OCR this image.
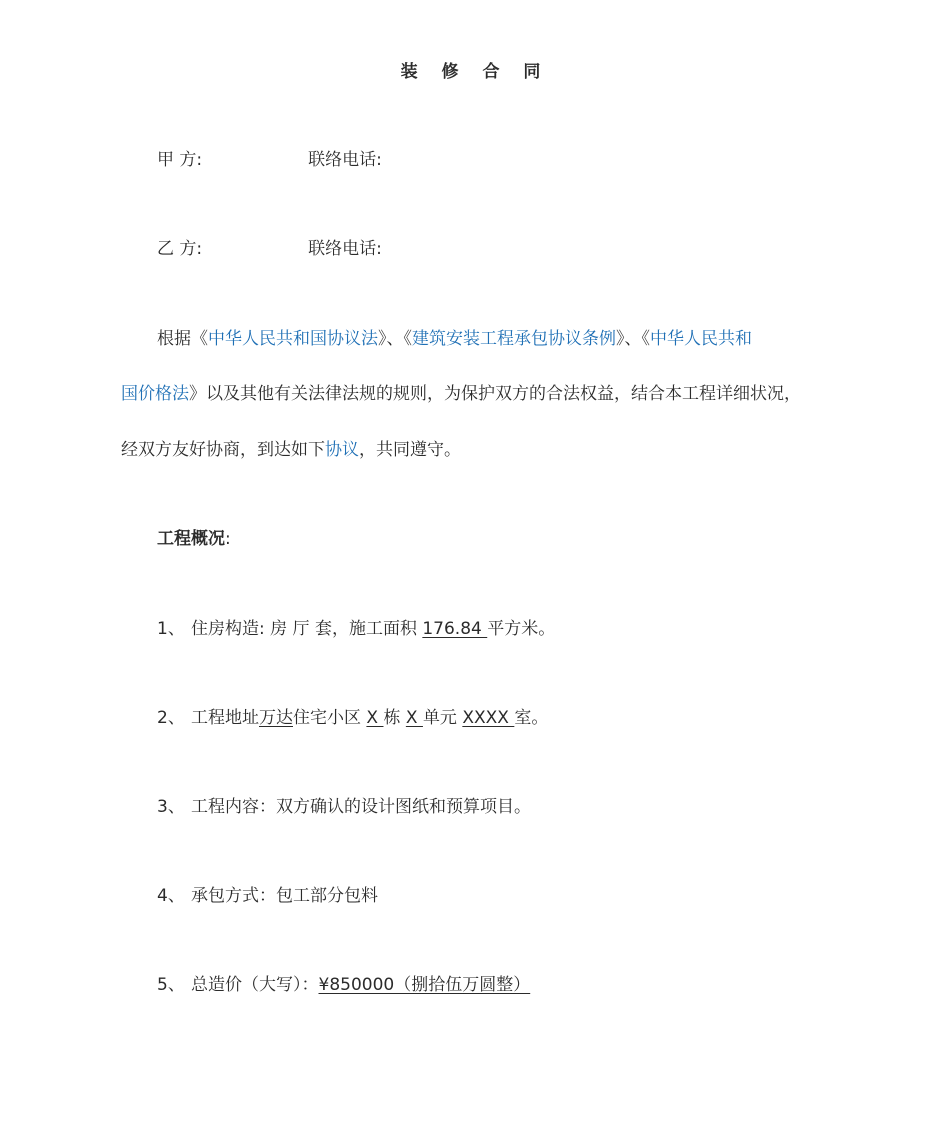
装 修 合 同
甲 方:	联络电话:
乙 方:	联络电话:
根据《中华人民共和国协议法》、《建筑安装工程承包协议条例》、《中华人民共和
国价格法》以及其他有关法律法规的规则，为保护双方的合法权益，结合本工程详细状况，
经双方友好协商，到达如下协议，共同遵守。
工程概况:
1、 住房构造: 房 厅 套，施工面积 176.84 平方米。
2、 工程地址万达住宅小区 X 栋 X 单元 XXXX 室。
3、 工程内容：双方确认的设计图纸和预算项目。
4、 承包方式：包工部分包料
5、 总造价（大写）：¥850000（捌拾伍万圆整）
